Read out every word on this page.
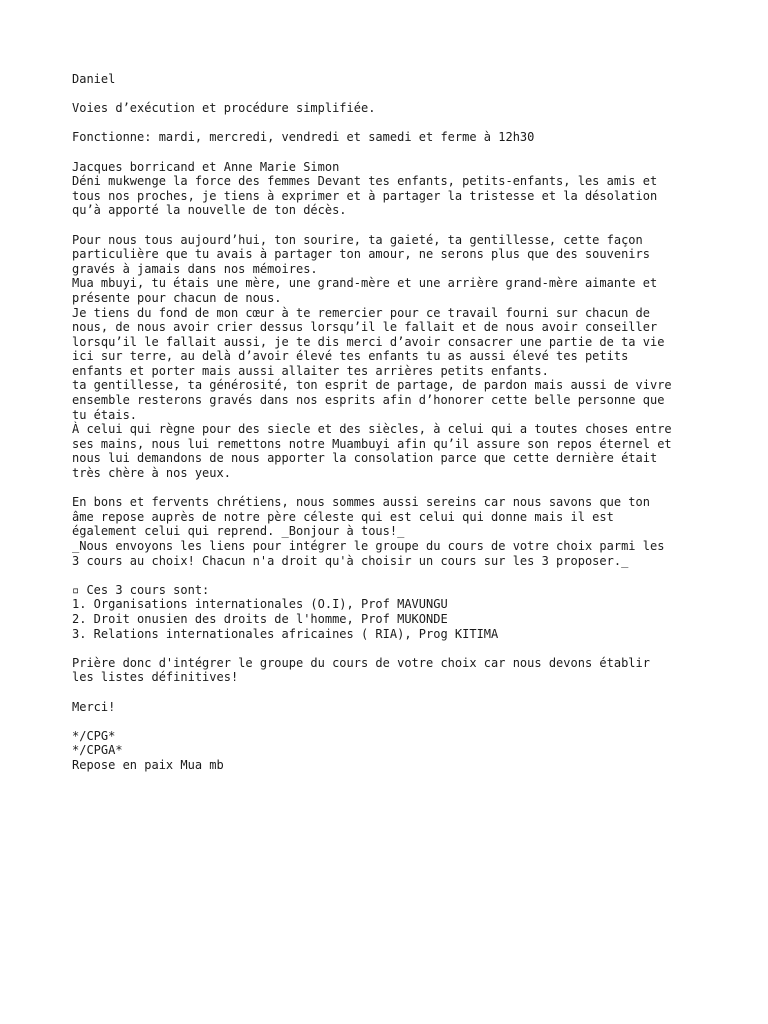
Daniel
Voies d’exécution et procédure simplifiée.
Fonctionne: mardi, mercredi, vendredi et samedi et ferme à 12h30
Jacques borricand et Anne Marie Simon
Déni mukwenge la force des femmes Devant tes enfants, petits-enfants, les amis et
tous nos proches, je tiens à exprimer et à partager la tristesse et la désolation
qu’à apporté la nouvelle de ton décès.
Pour nous tous aujourd’hui, ton sourire, ta gaieté, ta gentillesse, cette façon
particulière que tu avais à partager ton amour, ne serons plus que des souvenirs
gravés à jamais dans nos mémoires.
Mua mbuyi, tu étais une mère, une grand-mère et une arrière grand-mère aimante et
présente pour chacun de nous.
Je tiens du fond de mon cœur à te remercier pour ce travail fourni sur chacun de
nous, de nous avoir crier dessus lorsqu’il le fallait et de nous avoir conseiller
lorsqu’il le fallait aussi, je te dis merci d’avoir consacrer une partie de ta vie
ici sur terre, au delà d’avoir élevé tes enfants tu as aussi élevé tes petits
enfants et porter mais aussi allaiter tes arrières petits enfants.
ta gentillesse, ta générosité, ton esprit de partage, de pardon mais aussi de vivre
ensemble resterons gravés dans nos esprits afin d’honorer cette belle personne que
tu étais.
À celui qui règne pour des siecle et des siècles, à celui qui a toutes choses entre
ses mains, nous lui remettons notre Muambuyi afin qu’il assure son repos éternel et
nous lui demandons de nous apporter la consolation parce que cette dernière était
très chère à nos yeux.
En bons et fervents chrétiens, nous sommes aussi sereins car nous savons que ton
âme repose auprès de notre père céleste qui est celui qui donne mais il est
également celui qui reprend. _Bonjour à tous!_
_Nous envoyons les liens pour intégrer le groupe du cours de votre choix parmi les
3 cours au choix! Chacun n'a droit qu'à choisir un cours sur les 3 proposer._
▫ Ces 3 cours sont:
1. Organisations internationales (O.I), Prof MAVUNGU
2. Droit onusien des droits de l'homme, Prof MUKONDE
3. Relations internationales africaines ( RIA), Prog KITIMA
Prière donc d'intégrer le groupe du cours de votre choix car nous devons établir
les listes définitives!
Merci!
*/CPG*
*/CPGA*
Repose en paix Mua mb
